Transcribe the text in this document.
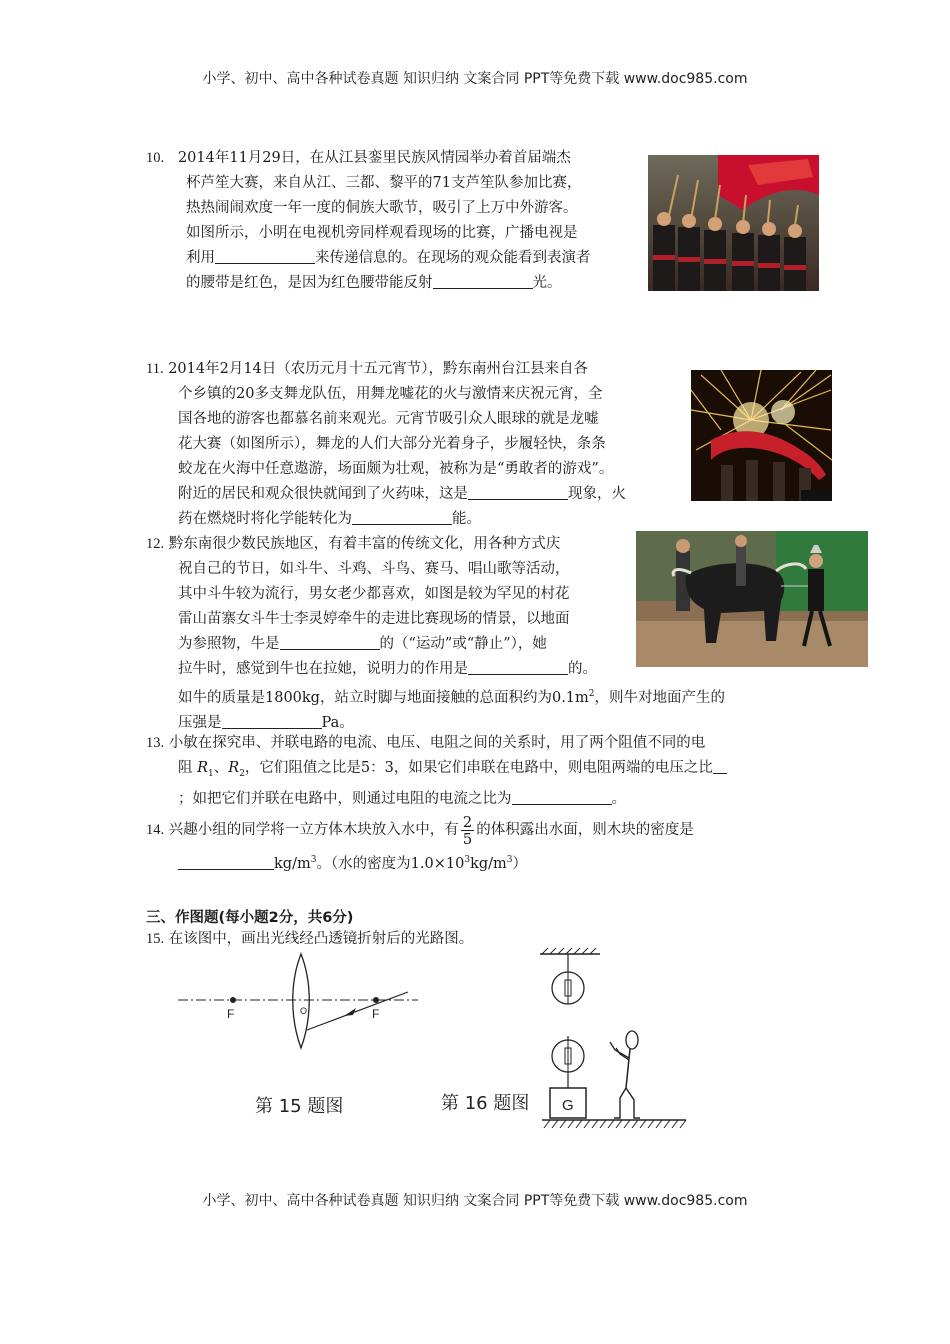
小学、初中、高中各种试卷真题 知识归纳 文案合同 PPT等免费下载 www.doc985.com
10. 2014年11月29日，在从江县銮里民族风情园举办着首届端杰
杯芦笙大赛，来自从江、三都、黎平的71支芦笙队参加比赛，
热热闹闹欢度一年一度的侗族大歌节，吸引了上万中外游客。
如图所示，小明在电视机旁同样观看现场的比赛，广播电视是
利用	来传递信息的。在现场的观众能看到表演者
的腰带是红色，是因为红色腰带能反射	光。
11. 2014年2月14日（农历元月十五元宵节），黔东南州台江县来自各
个乡镇的20多支舞龙队伍，用舞龙嘘花的火与激情来庆祝元宵，全
国各地的游客也都慕名前来观光。元宵节吸引众人眼球的就是龙嘘
花大赛（如图所示），舞龙的人们大部分光着身子，步履轻快，条条
蛟龙在火海中任意遨游，场面颇为壮观，被称为是“勇敢者的游戏”。
附近的居民和观众很快就闻到了火药味，这是	现象，火
药在燃烧时将化学能转化为	能。
12. 黔东南很少数民族地区，有着丰富的传统文化，用各种方式庆
祝自己的节日，如斗牛、斗鸡、斗鸟、赛马、唱山歌等活动，
其中斗牛较为流行，男女老少都喜欢，如图是较为罕见的村花
雷山苗寨女斗牛士李灵婷牵牛的走进比赛现场的情景，以地面
为参照物，牛是	的（“运动”或“静止”），她
拉牛时，感觉到牛也在拉她，说明力的作用是	的。
如牛的质量是1800kg，站立时脚与地面接触的总面积约为$0.1m^2$，则牛对地面产生的
压强是	Pa。
13. 小敏在探究串、并联电路的电流、电压、电阻之间的关系时，用了两个阻值不同的电
阻 $R_1$、$R_2$，它们阻值之比是5：3，如果它们串联在电路中，则电阻两端的电压之比
；如把它们并联在电路中，则通过电阻的电流之比为	。
14. 兴趣小组的同学将一立方体木块放入水中，有 $\frac{2}{5}$ 的体积露出水面，则木块的密度是
$kg/m^3$。（水的密度为$1.0\times 10^3kg/m^3$）
三、作图题(每小题2分，共6分)
15. 在该图中，画出光线经凸透镜折射后的光路图。
F	F
O
第 15 题图	G
第 16 题图
小学、初中、高中各种试卷真题 知识归纳 文案合同 PPT等免费下载 www.doc985.com
